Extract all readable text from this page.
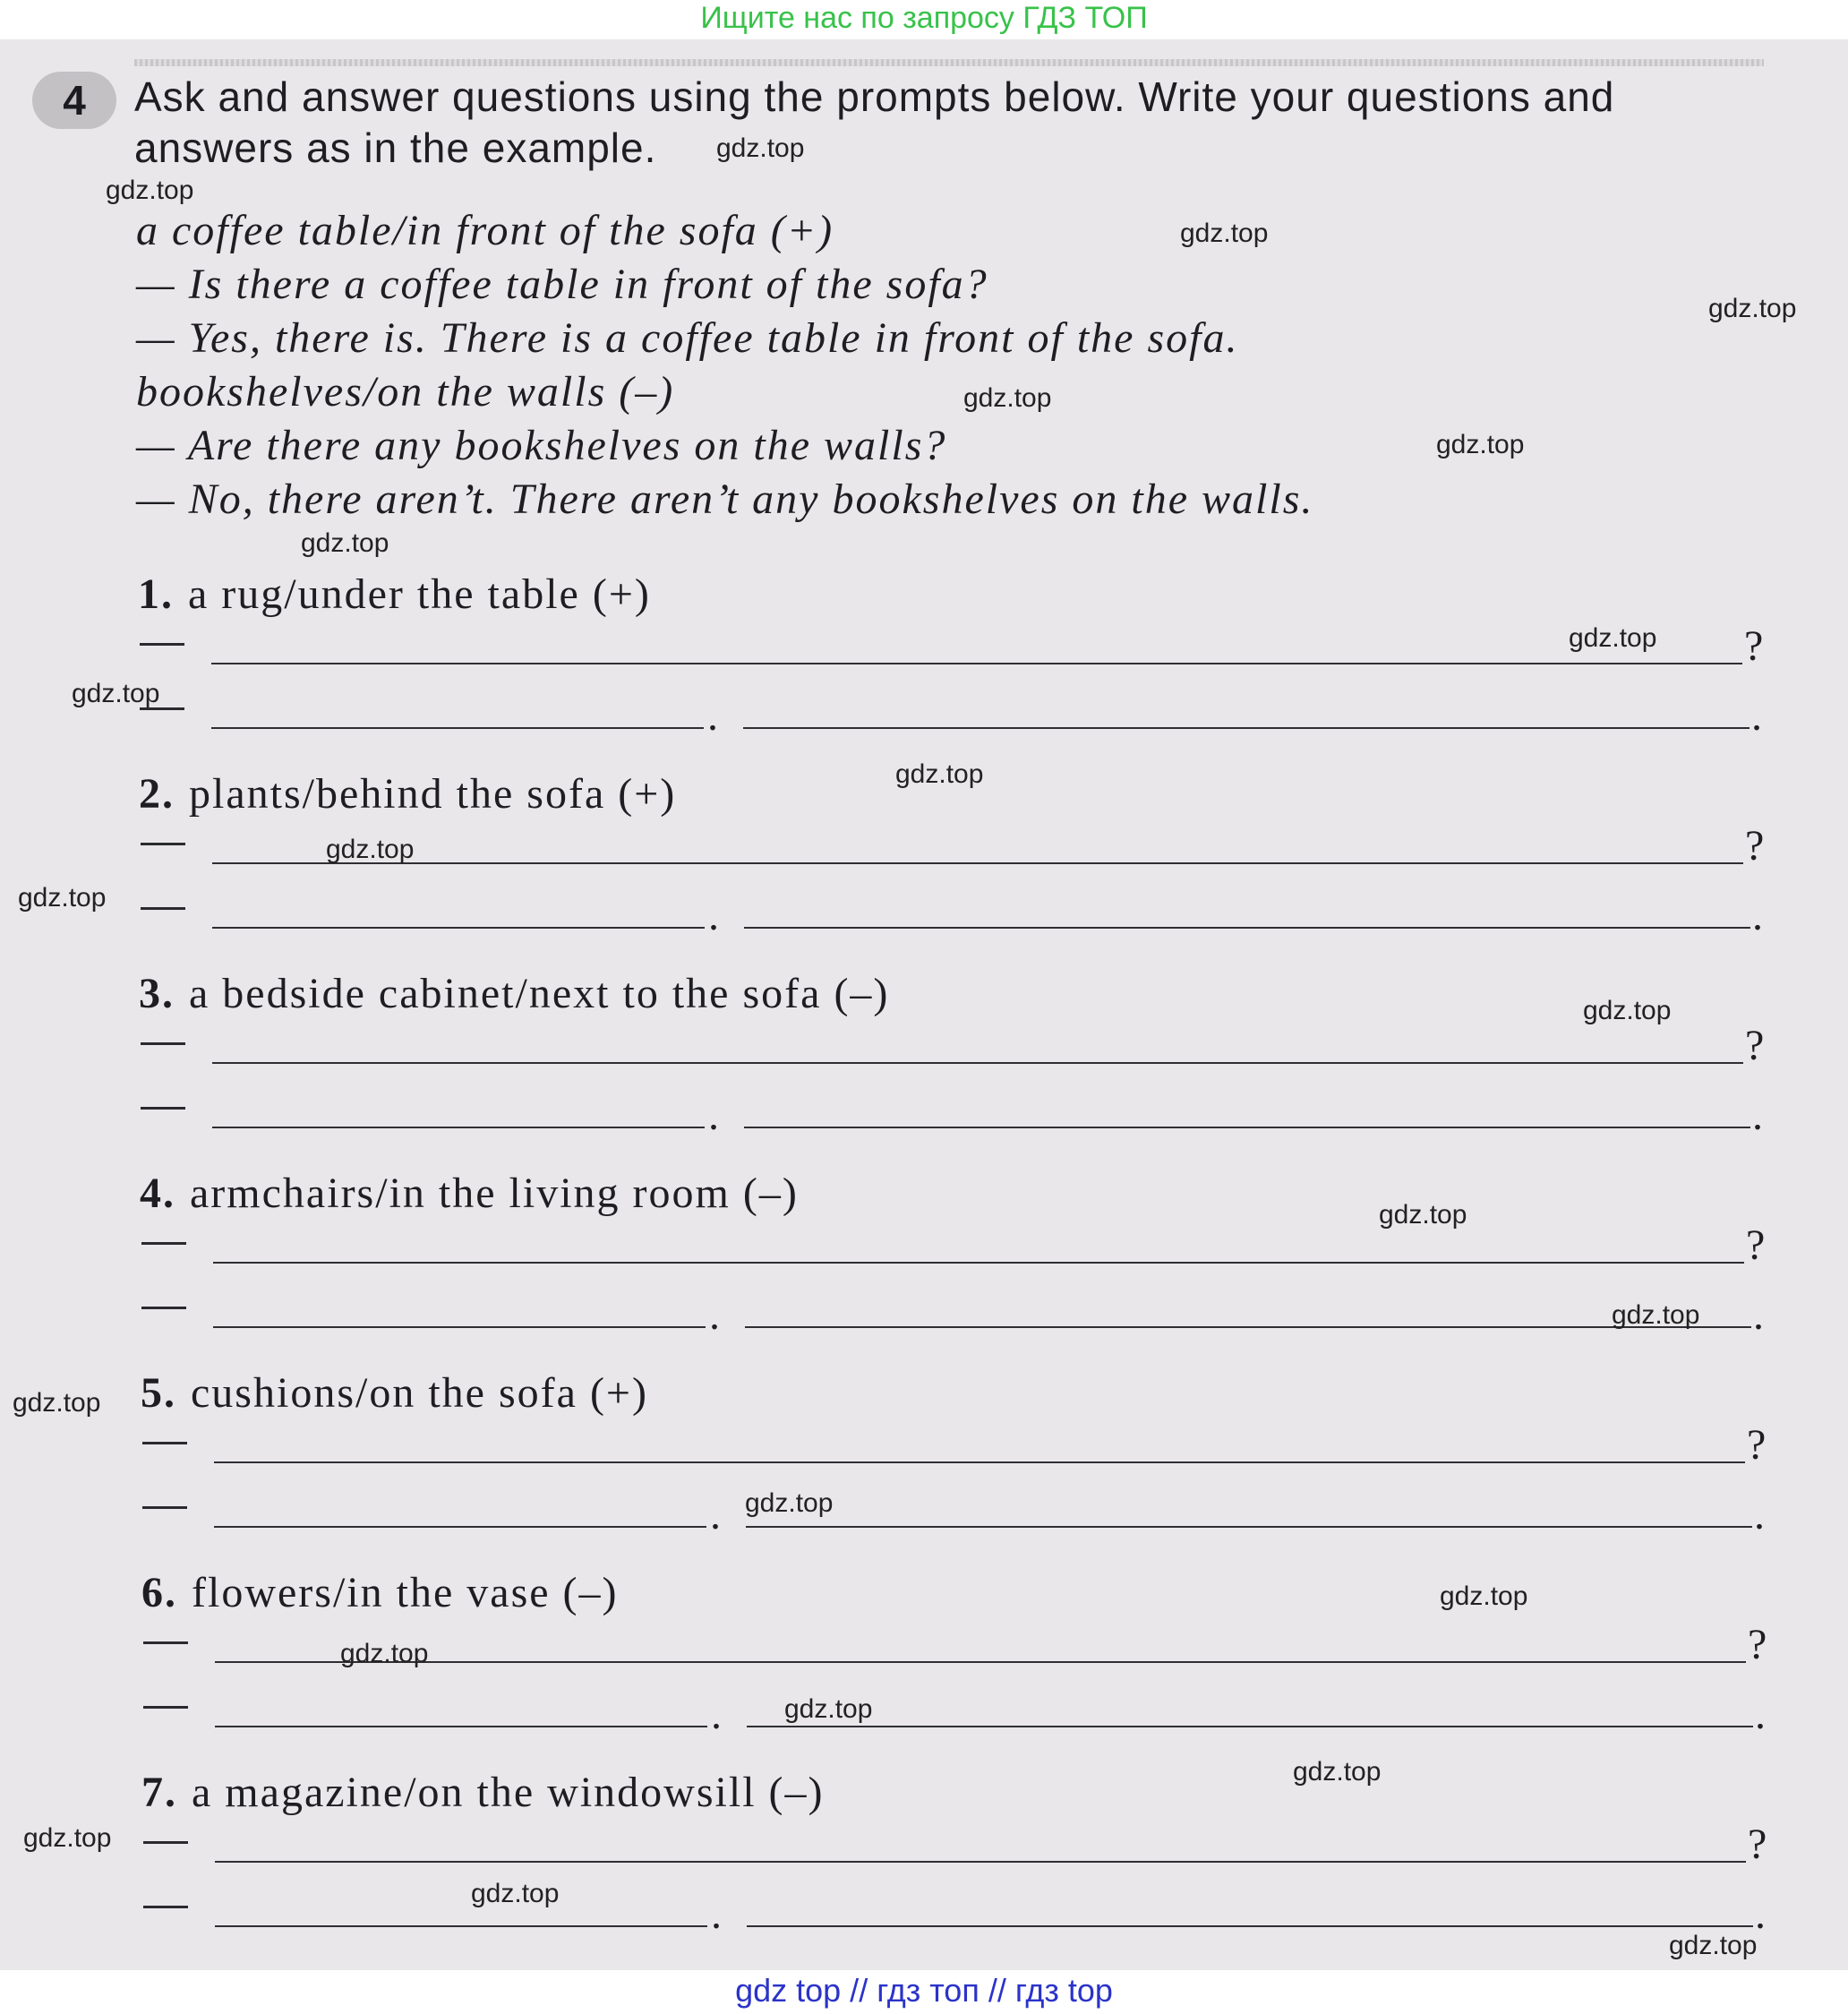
Ищите нас по запросу ГДЗ ТОП
4	Ask and answer questions using the prompts below. Write your questions and answers as in the example.
a coffee table/in front of the sofa (+)
— Is there a coffee table in front of the sofa?
— Yes, there is. There is a coffee table in front of the sofa.
bookshelves/on the walls (–)
— Are there any bookshelves on the walls?
— No, there aren’t. There aren’t any bookshelves on the walls.
1. a rug/under the table (+)
?
.	.
2. plants/behind the sofa (+)
?
.	.
3. a bedside cabinet/next to the sofa (–)
?
.	.
4. armchairs/in the living room (–)
?
.	.
5. cushions/on the sofa (+)
?
.	.
6. flowers/in the vase (–)
?
.	.
7. a magazine/on the windowsill (–)
?
.	.
gdz.top
gdz.top
gdz.top
gdz.top
gdz.top
gdz.top
gdz.top
gdz.top
gdz.top
gdz.top
gdz.top
gdz.top
gdz.top
gdz.top
gdz.top
gdz.top
gdz.top
gdz.top
gdz.top
gdz.top
gdz.top
gdz.top
gdz.top
gdz.top
gdz top // гдз топ // гдз top
